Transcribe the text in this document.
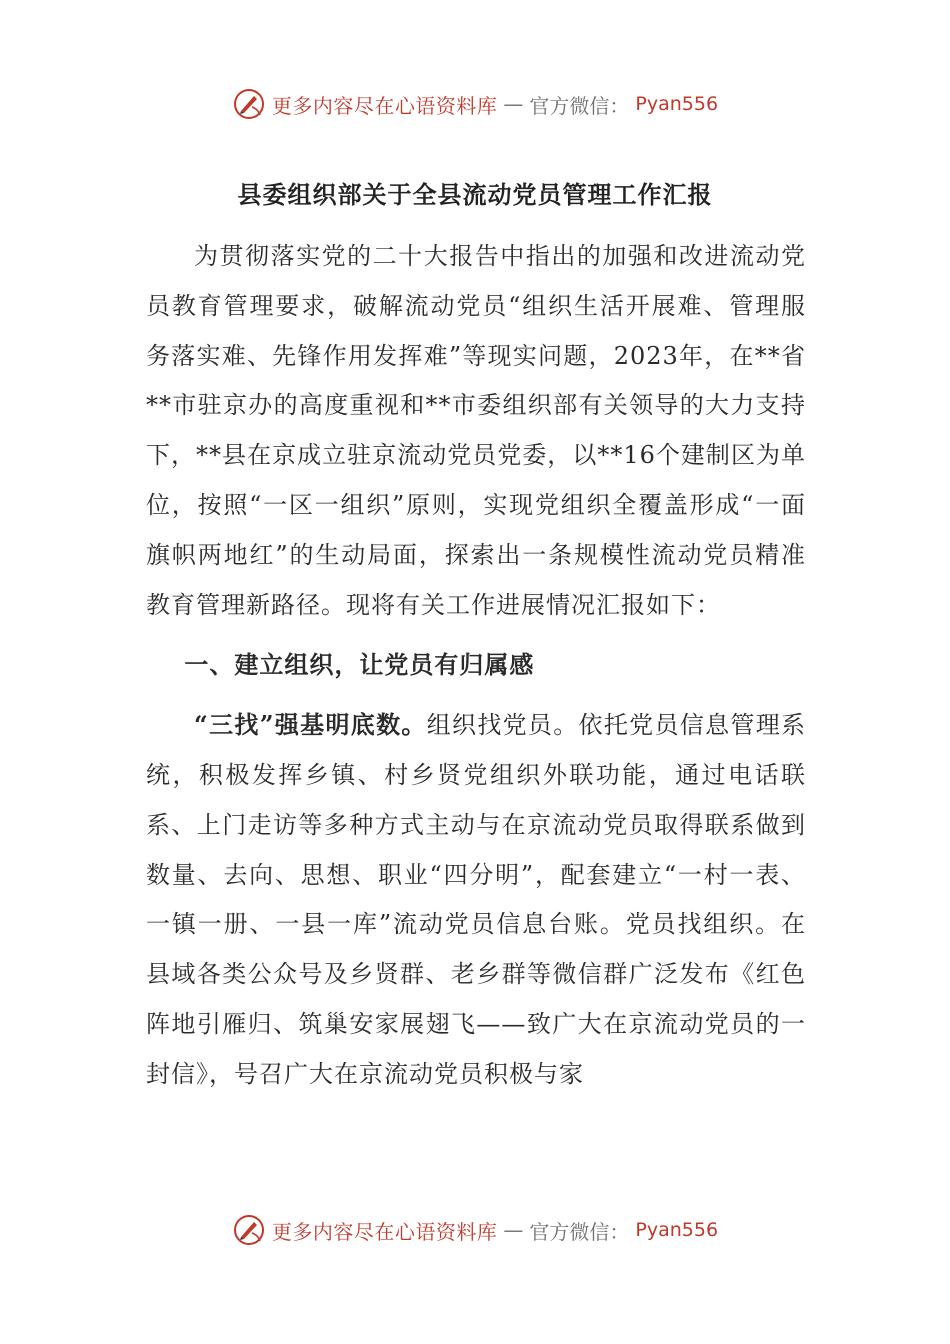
更多内容尽在心语资料库 — 官方微信： Pyan556
县委组织部关于全县流动党员管理工作汇报

为贯彻落实党的二十大报告中指出的加强和改进流动党员教育管理要求，破解流动党员“组织生活开展难、管理服务落实难、先锋作用发挥难”等现实问题，2023年，在**省**市驻京办的高度重视和**市委组织部有关领导的大力支持下，**县在京成立驻京流动党员党委，以**16个建制区为单位，按照“一区一组织”原则，实现党组织全覆盖形成“一面旗帜两地红”的生动局面，探索出一条规模性流动党员精准教育管理新路径。现将有关工作进展情况汇报如下：

一、建立组织，让党员有归属感

“三找”强基明底数。组织找党员。依托党员信息管理系统，积极发挥乡镇、村乡贤党组织外联功能，通过电话联系、上门走访等多种方式主动与在京流动党员取得联系做到数量、去向、思想、职业“四分明”，配套建立“一村一表、一镇一册、一县一库”流动党员信息台账。党员找组织。在县域各类公众号及乡贤群、老乡群等微信群广泛发布《红色阵地引雁归、筑巢安家展翅飞——致广大在京流动党员的一封信》，号召广大在京流动党员积极与家

更多内容尽在心语资料库 — 官方微信： Pyan556
